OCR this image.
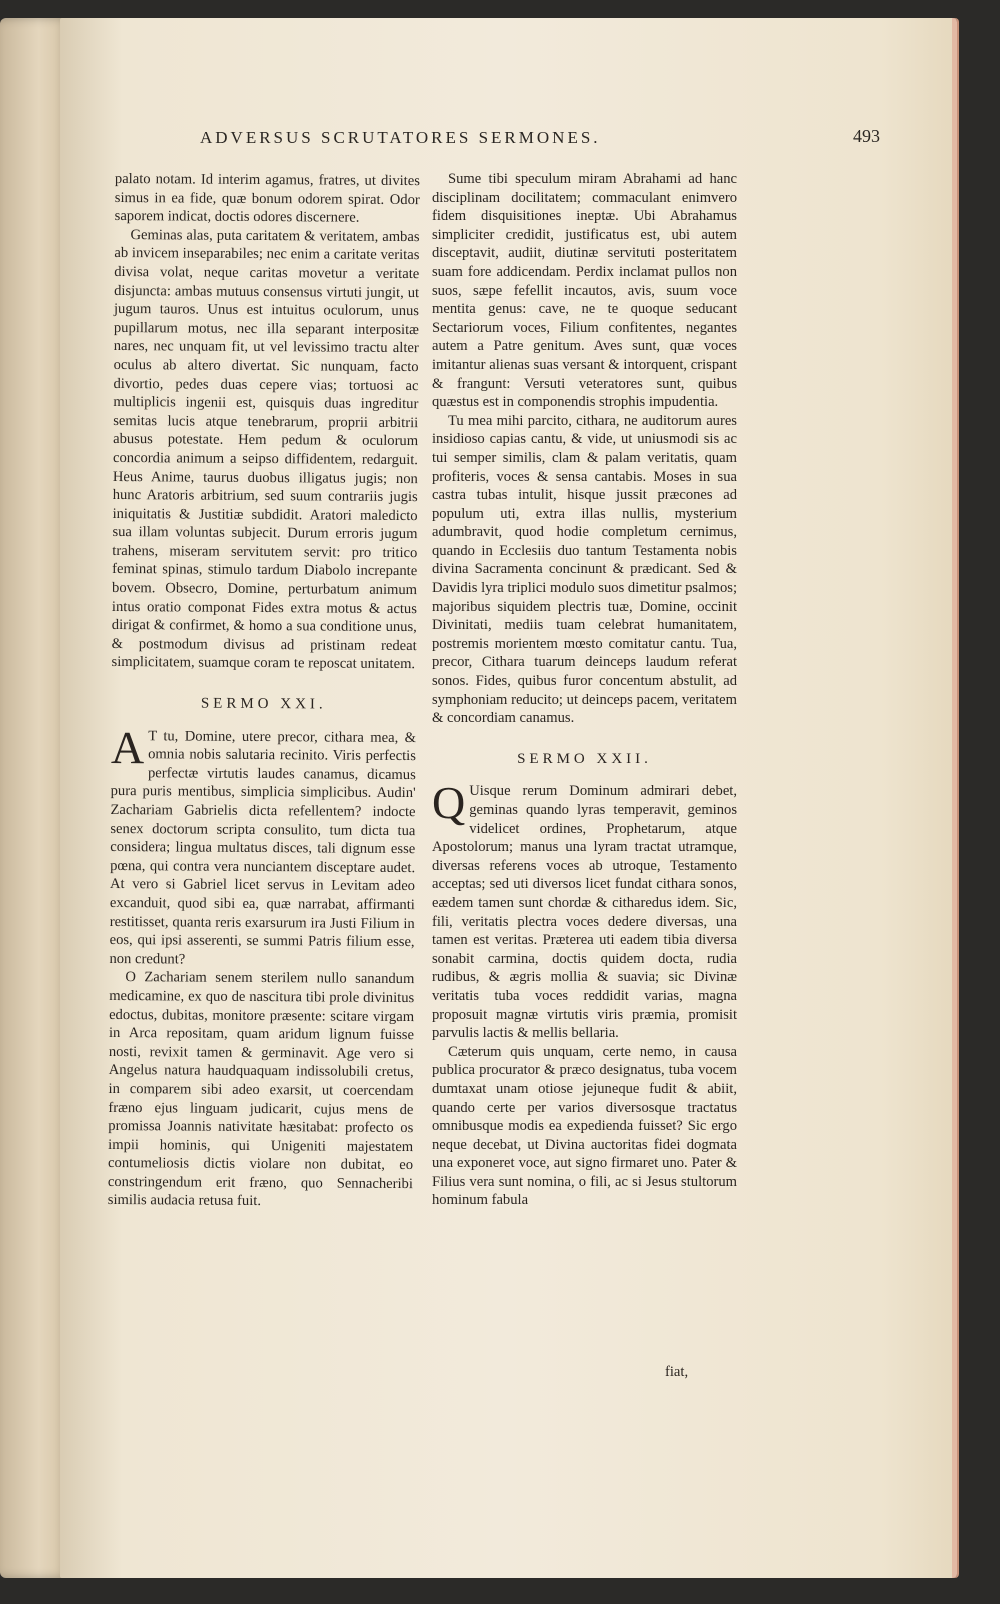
ADVERSUS SCRUTATORES SERMONES.	493

palato notam. Id interim agamus, fratres, ut divites simus in ea fide, quæ bonum odorem spirat. Odor saporem indicat, doctis odores discernere.

Geminas alas, puta caritatem & veritatem, ambas ab invicem inseparabiles; nec enim a caritate veritas divisa volat, neque caritas movetur a veritate disjuncta: ambas mutuus consensus virtuti jungit, ut jugum tauros. Unus est intuitus oculorum, unus pupillarum motus, nec illa separant interpositæ nares, nec unquam fit, ut vel levissimo tractu alter oculus ab altero divertat. Sic nunquam, facto divortio, pedes duas cepere vias; tortuosi ac multiplicis ingenii est, quisquis duas ingreditur semitas lucis atque tenebrarum, proprii arbitrii abusus potestate. Hem pedum & oculorum concordia animum a seipso diffidentem, redarguit. Heus Anime, taurus duobus illigatus jugis; non hunc Aratoris arbitrium, sed suum contrariis jugis iniquitatis & Justitiæ subdidit. Aratori maledicto sua illam voluntas subjecit. Durum erroris jugum trahens, miseram servitutem servit: pro tritico feminat spinas, stimulo tardum Diabolo increpante bovem. Obsecro, Domine, perturbatum animum intus oratio componat Fides extra motus & actus dirigat & confirmet, & homo a sua conditione unus, & postmodum divisus ad pristinam redeat simplicitatem, suamque coram te reposcat unitatem.

SERMO XXI.

A T tu, Domine, utere precor, cithara mea, & omnia nobis salutaria recinito. Viris perfectis perfectæ virtutis laudes canamus, dicamus pura puris mentibus, simplicia simplicibus. Audin' Zachariam Gabrielis dicta refellentem? indocte senex doctorum scripta consulito, tum dicta tua considera; lingua multatus disces, tali dignum esse pœna, qui contra vera nunciantem disceptare audet. At vero si Gabriel licet servus in Levitam adeo excanduit, quod sibi ea, quæ narrabat, affirmanti restitisset, quanta reris exarsurum ira Justi Filium in eos, qui ipsi asserenti, se summi Patris filium esse, non credunt?

O Zachariam senem sterilem nullo sanandum medicamine, ex quo de nascitura tibi prole divinitus edoctus, dubitas, monitore præsente: scitare virgam in Arca repositam, quam aridum lignum fuisse nosti, revixit tamen & germinavit. Age vero si Angelus natura haudquaquam indissolubili cretus, in comparem sibi adeo exarsit, ut coercendam fræno ejus linguam judicarit, cujus mens de promissa Joannis nativitate hæsitabat: profecto os impii hominis, qui Unigeniti majestatem contumeliosis dictis violare non dubitat, eo constringendum erit fræno, quo Sennacheribi similis audacia retusa fuit.

Sume tibi speculum miram Abrahami ad hanc disciplinam docilitatem; commaculant enimvero fidem disquisitiones ineptæ. Ubi Abrahamus simpliciter credidit, justificatus est, ubi autem disceptavit, audiit, diutinæ servituti posteritatem suam fore addicendam. Perdix inclamat pullos non suos, sæpe fefellit incautos, avis, suum voce mentita genus: cave, ne te quoque seducant Sectariorum voces, Filium confitentes, negantes autem a Patre genitum. Aves sunt, quæ voces imitantur alienas suas versant & intorquent, crispant & frangunt: Versuti veteratores sunt, quibus quæstus est in componendis strophis impudentia.

Tu mea mihi parcito, cithara, ne auditorum aures insidioso capias cantu, & vide, ut uniusmodi sis ac tui semper similis, clam & palam veritatis, quam profiteris, voces & sensa cantabis. Moses in sua castra tubas intulit, hisque jussit præcones ad populum uti, extra illas nullis, mysterium adumbravit, quod hodie completum cernimus, quando in Ecclesiis duo tantum Testamenta nobis divina Sacramenta concinunt & prædicant. Sed & Davidis lyra triplici modulo suos dimetitur psalmos; majoribus siquidem plectris tuæ, Domine, occinit Divinitati, mediis tuam celebrat humanitatem, postremis morientem mœsto comitatur cantu. Tua, precor, Cithara tuarum deinceps laudum referat sonos. Fides, quibus furor concentum abstulit, ad symphoniam reducito; ut deinceps pacem, veritatem & concordiam canamus.

SERMO XXII.

Q Uisque rerum Dominum admirari debet, geminas quando lyras temperavit, geminos videlicet ordines, Prophetarum, atque Apostolorum; manus una lyram tractat utramque, diversas referens voces ab utroque, Testamento acceptas; sed uti diversos licet fundat cithara sonos, eædem tamen sunt chordæ & citharedus idem. Sic, fili, veritatis plectra voces dedere diversas, una tamen est veritas. Præterea uti eadem tibia diversa sonabit carmina, doctis quidem docta, rudia rudibus, & ægris mollia & suavia; sic Divinæ veritatis tuba voces reddidit varias, magna proposuit magnæ virtutis viris præmia, promisit parvulis lactis & mellis bellaria.

Cæterum quis unquam, certe nemo, in causa publica procurator & præco designatus, tuba vocem dumtaxat unam otiose jejuneque fudit & abiit, quando certe per varios diversosque tractatus omnibusque modis ea expedienda fuisset? Sic ergo neque decebat, ut Divina auctoritas fidei dogmata una exponeret voce, aut signo firmaret uno. Pater & Filius vera sunt nomina, o fili, ac si Jesus stultorum hominum fabula

fiat,
